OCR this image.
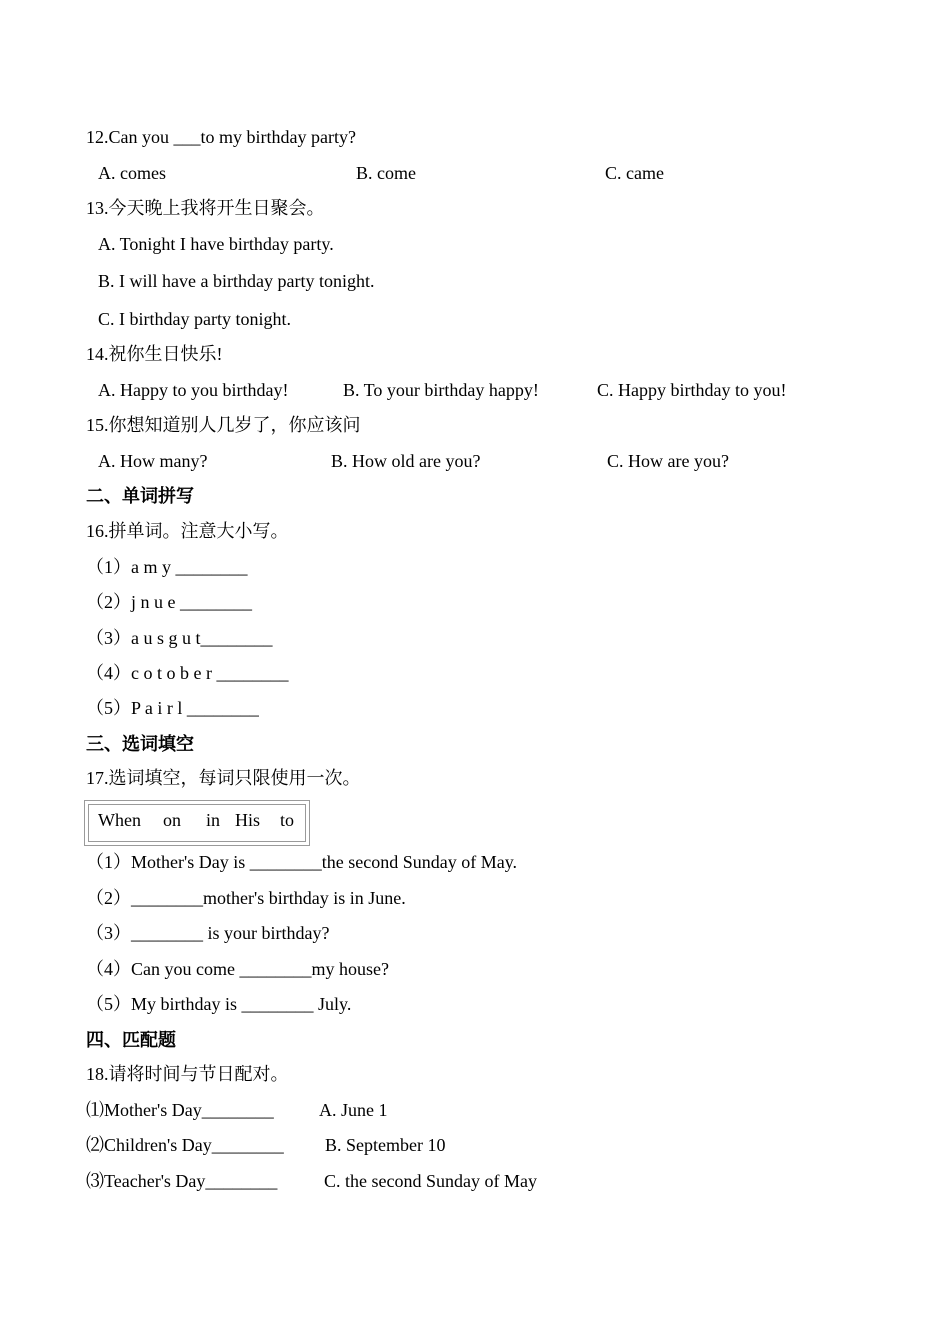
12.Can you ___to my birthday party?
A. comes	B. come	C. came
13.今天晚上我将开生日聚会。
A. Tonight I have birthday party.
B. I will have a birthday party tonight.
C. I birthday party tonight.
14.祝你生日快乐!
A. Happy to you birthday!	B. To your birthday happy!	C. Happy birthday to you!
15.你想知道别人几岁了，你应该问
A. How many?	B. How old are you?	C. How are you?
二、单词拼写
16.拼单词。注意大小写。
（1）a m y ________
（2）j n u e ________
（3）a u s g u t________
（4）c o t o b e r ________
（5）P a i r l ________
三、选词填空
17.选词填空，每词只限使用一次。
When on in His to
（1）Mother's Day is ________the second Sunday of May.
（2）________mother's birthday is in June.
（3）________ is your birthday?
（4）Can you come ________my house?
（5）My birthday is ________ July.
四、匹配题
18.请将时间与节日配对。
⑴Mother's Day________	A. June 1
⑵Children's Day________ B. September 10
⑶Teacher's Day________	C. the second Sunday of May
